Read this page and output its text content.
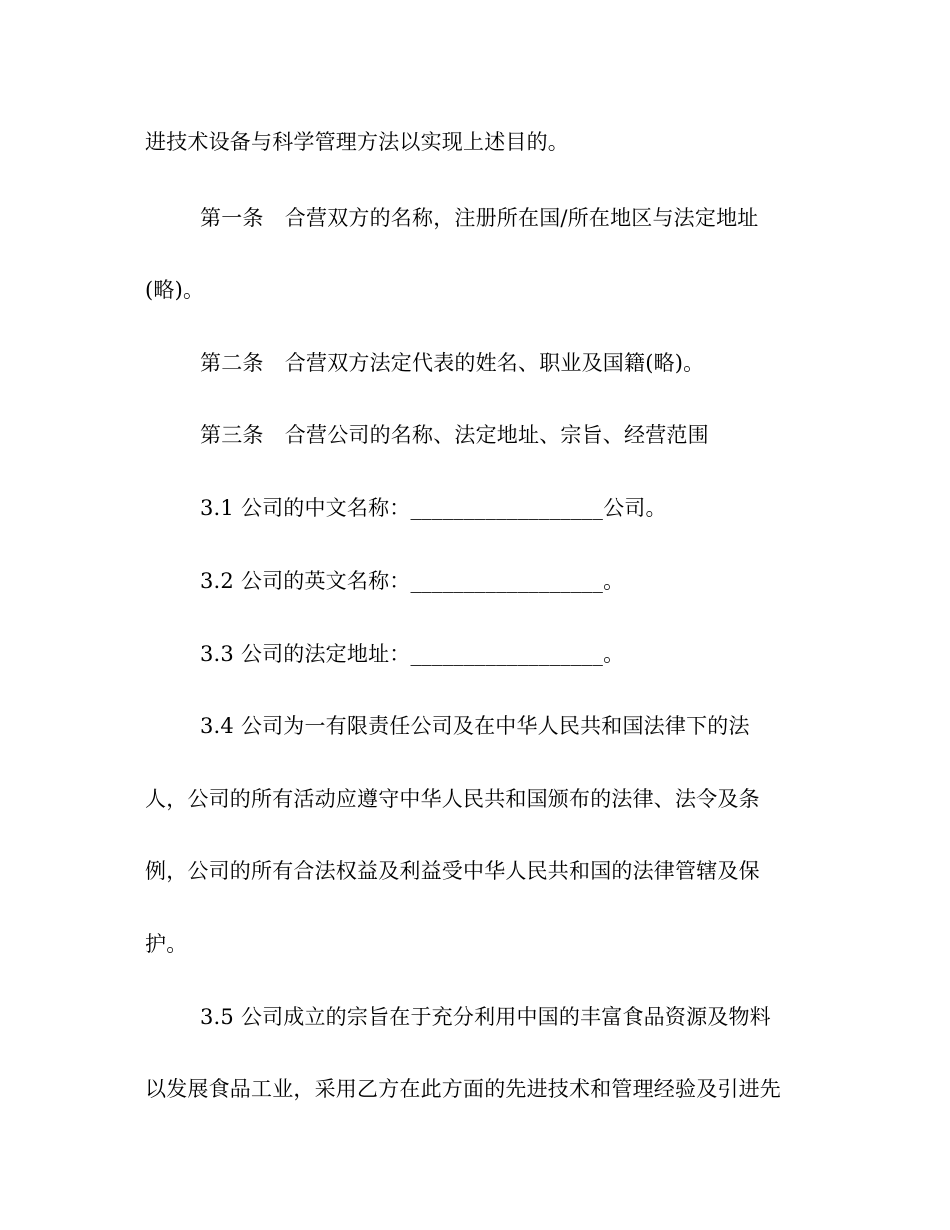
进技术设备与科学管理方法以实现上述目的。
第一条　合营双方的名称，注册所在国/所在地区与法定地址
(略)。
第二条　合营双方法定代表的姓名、职业及国籍(略)。
第三条　合营公司的名称、法定地址、宗旨、经营范围
3.1 公司的中文名称：__________________公司。
3.2 公司的英文名称：__________________。
3.3 公司的法定地址：__________________。
3.4 公司为一有限责任公司及在中华人民共和国法律下的法
人，公司的所有活动应遵守中华人民共和国颁布的法律、法令及条
例，公司的所有合法权益及利益受中华人民共和国的法律管辖及保
护。
3.5 公司成立的宗旨在于充分利用中国的丰富食品资源及物料
以发展食品工业，采用乙方在此方面的先进技术和管理经验及引进先
